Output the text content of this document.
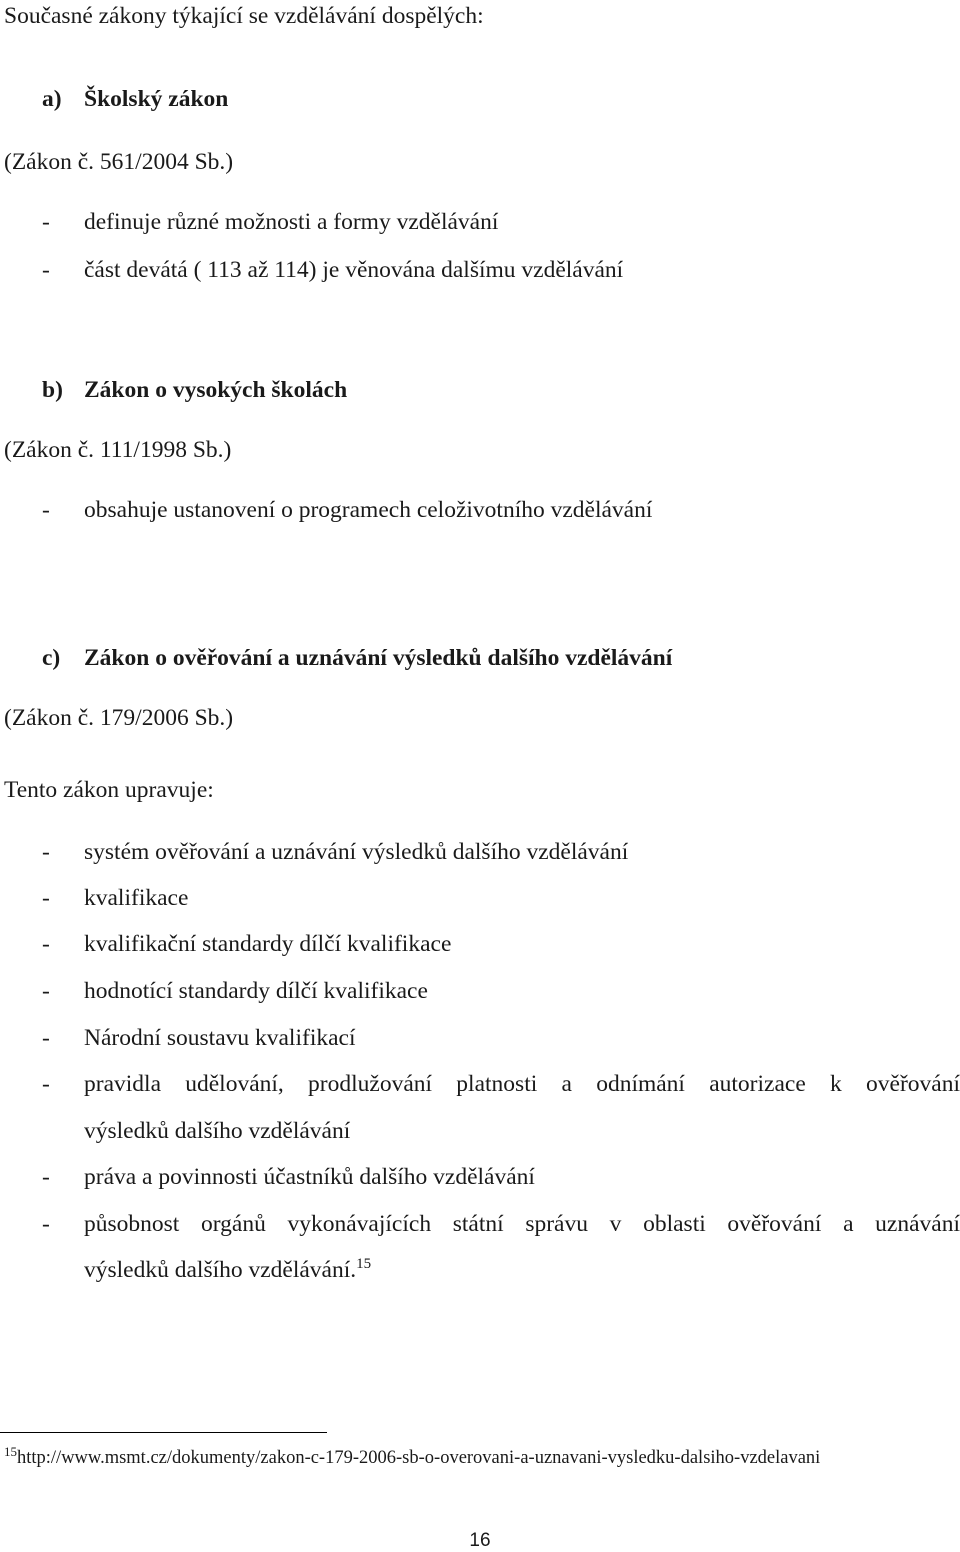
Současné zákony týkající se vzdělávání dospělých:
a) Školský zákon
(Zákon č. 561/2004 Sb.)
-	definuje různé možnosti a formy vzdělávání
-	část devátá ( 113 až 114) je věnována dalšímu vzdělávání
b) Zákon o vysokých školách
(Zákon č. 111/1998 Sb.)
-	obsahuje ustanovení o programech celoživotního vzdělávání
c) Zákon o ověřování a uznávání výsledků dalšího vzdělávání
(Zákon č. 179/2006 Sb.)
Tento zákon upravuje:
-	systém ověřování a uznávání výsledků dalšího vzdělávání
-	kvalifikace
-	kvalifikační standardy dílčí kvalifikace
-	hodnotící standardy dílčí kvalifikace
-	Národní soustavu kvalifikací
-	pravidla udělování, prodlužování platnosti a odnímání autorizace k ověřování
výsledků dalšího vzdělávání
-	práva a povinnosti účastníků dalšího vzdělávání
-	působnost orgánů vykonávajících státní správu v oblasti ověřování a uznávání
výsledků dalšího vzdělávání.$^{15}$
$^{15}$http://www.msmt.cz/dokumenty/zakon-c-179-2006-sb-o-overovani-a-uznavani-vysledku-dalsiho-vzdelavani
16
